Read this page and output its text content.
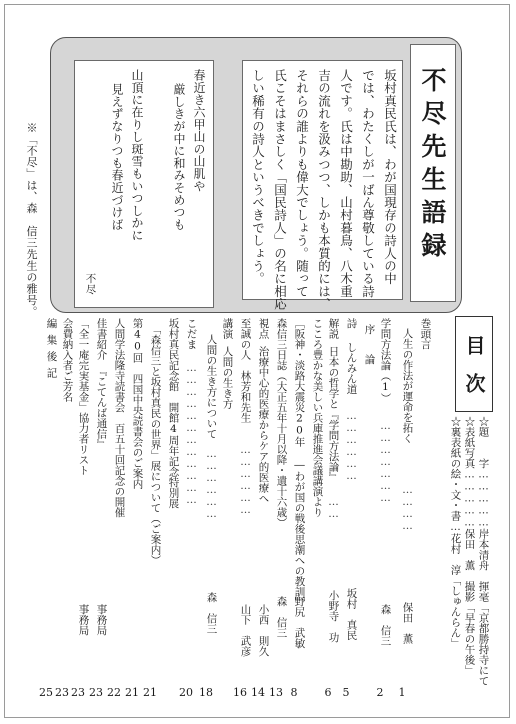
不尽先生語録
坂村真民氏は、わが国現存の詩人の中
では、わたくしが一ばん尊敬している詩
人です。氏は中勘助、山村暮鳥、八木重
吉の流れを汲みつつ、しかも本質的には、
それらの誰よりも偉大でしょう。随って
氏こそはまさしく「国民詩人」の名に相応
しい稀有の詩人というべきでしょう。
春近き六甲山の山肌や
厳しきが中に和みそめつも
山頂に在りし斑雪もいつしかに
見えずなりつも春近づけば
不尽
※「不尽」は、森　信三先生の雅号。
目次
☆題　　字……………岸本清舟　揮毫「京都勝持寺にて
☆表紙写真……………保田　薫　撮影「早春の午後」
☆裏表紙の絵・文・書…花村　淳「しゅんらん」
巻頭言
人生の作法が運命を拓く
…………
保田　薫
学問方法論（1）
…………………
森　信三
序
論
詩
しんみん道
………………
坂村　真民
解説
日本の哲学と『学問方法論』
……
小野寺　功
こころ豊かな美しい兵庫推進会議講演より
［阪神・淡路大震災20年 ―わが国の戦後思潮への教訓］
野尻　武敏
森信三日誌（大正五年十月以降・遺十六歳）
森　信三
視点
治療中心的医療からケア的医療へ
小西　則久
至誠の人　林芳和先生
………………
山下　武彦
講演
人間の生き方
人間の生き方について
………………
森　信三
こだま
………………………………
坂村真民記念館　開館4周年記念特別展
「森信三と坂村真民の世界」展について（ご案内）
第40回　四国中央読書会のご案内
人間学法隆寺読書会　百五十回記念の開催
佳書紹介　『こてんば通信』
事務局
「全一庵完実基金」協力者リスト
事務局
会費納入者ご芳名
編集後記
1
2
5
6
8
13
14
16
18
20
21
21
22
23
23
23
25
